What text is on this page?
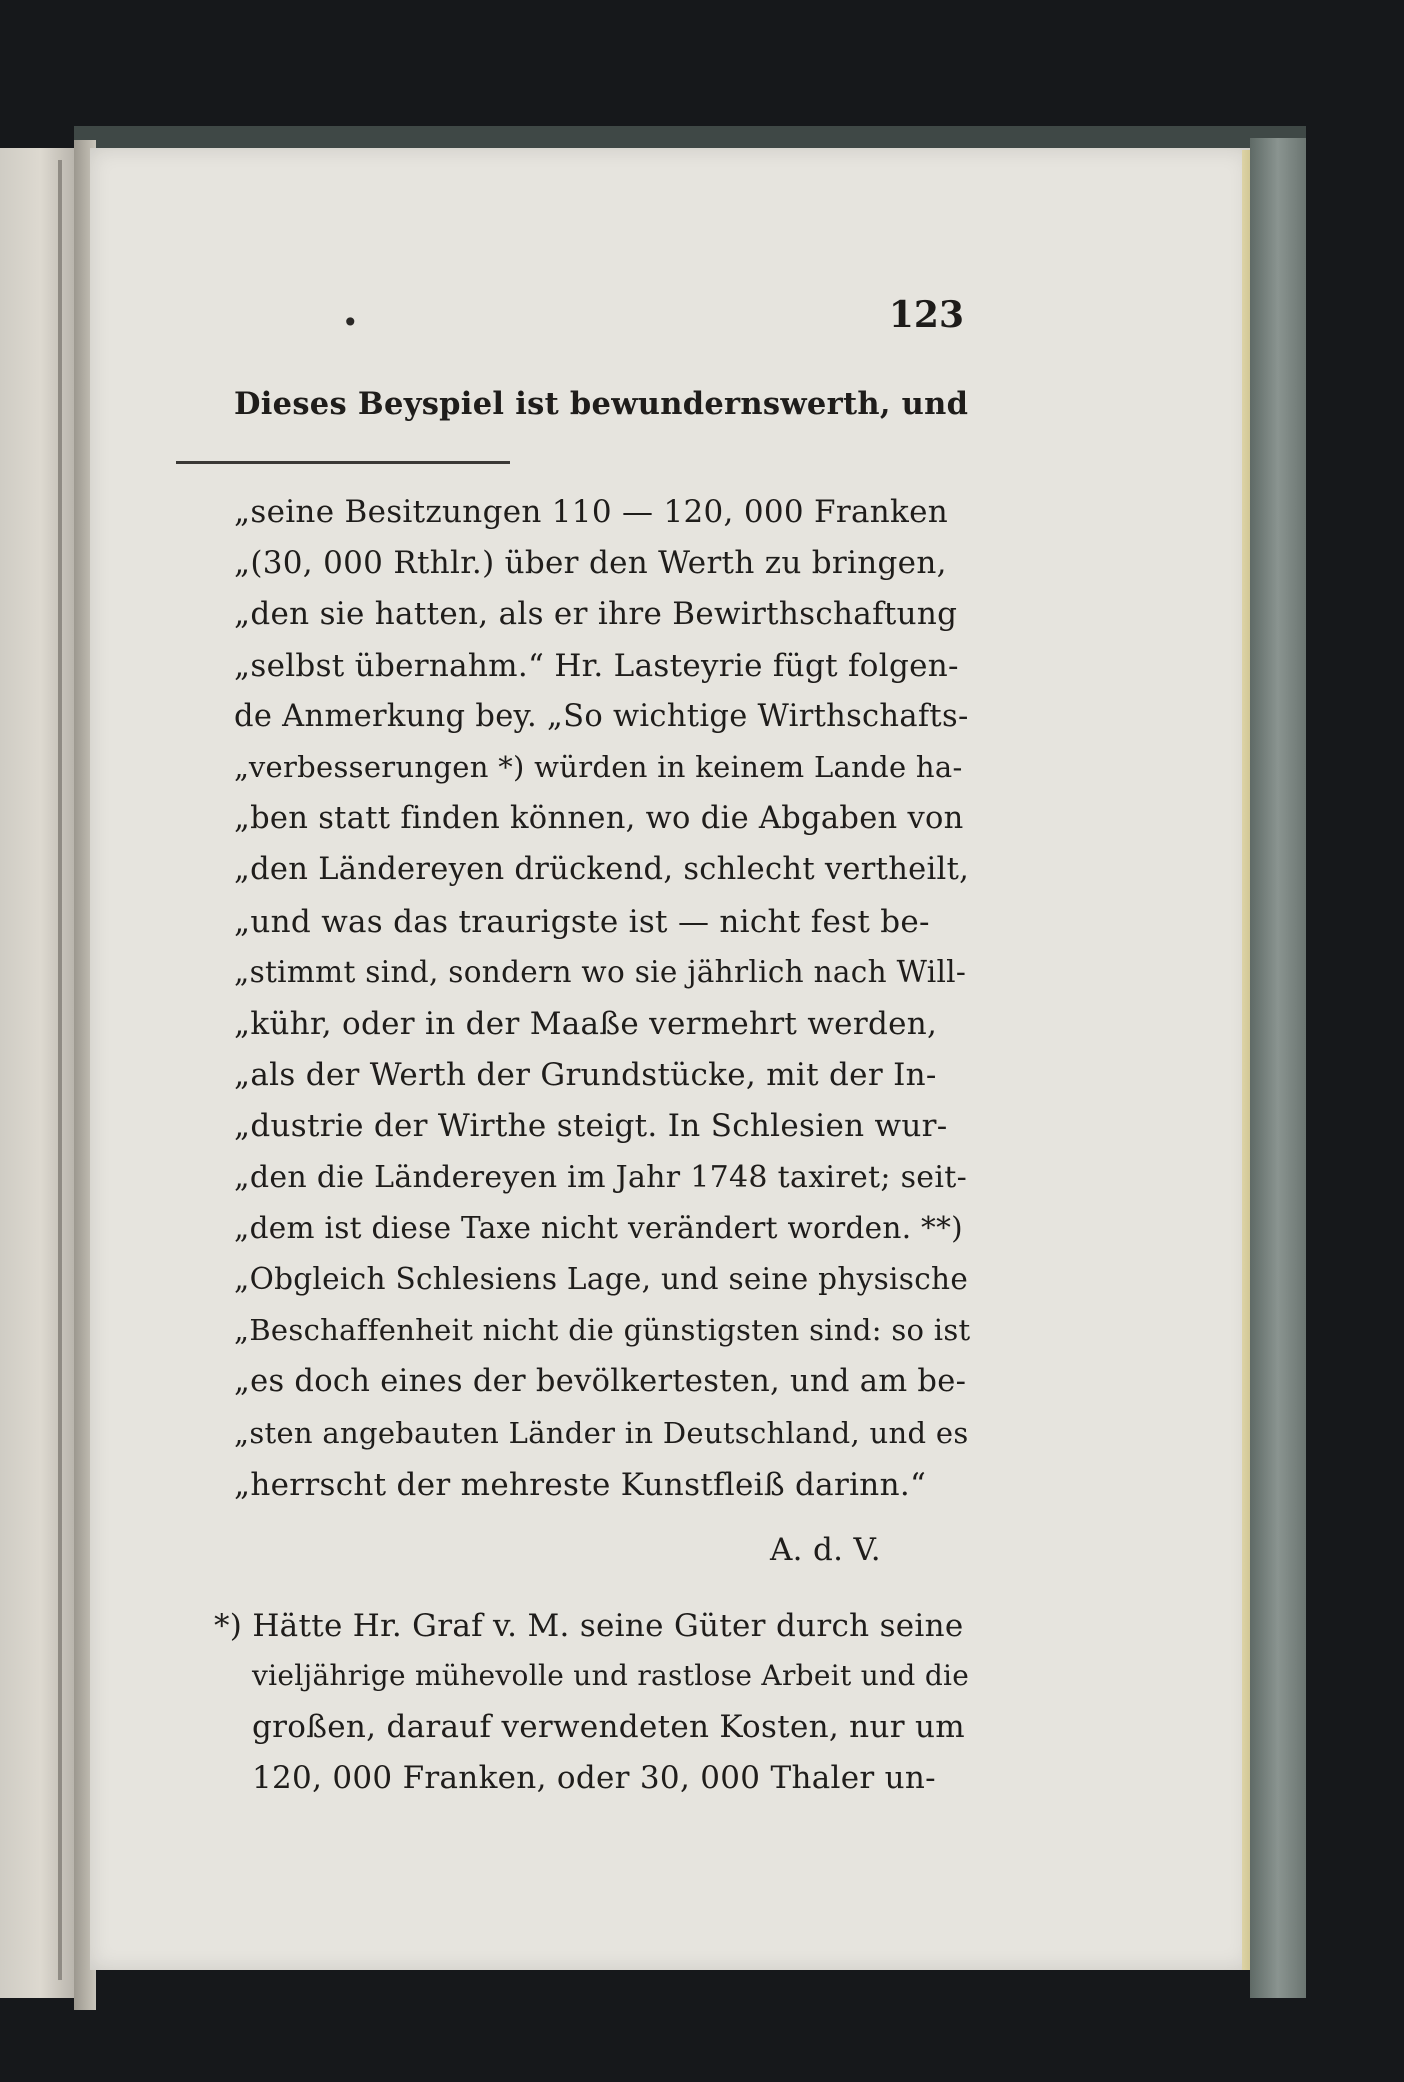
•	123
Dieses Beyspiel ist bewundernswerth, und
„seine Besitzungen 110 — 120, 000 Franken
„(30, 000 Rthlr.) über den Werth zu bringen,
„den sie hatten, als er ihre Bewirthschaftung
„selbst übernahm.“ Hr. Lasteyrie fügt folgen-
de Anmerkung bey. „So wichtige Wirthschafts-
„verbesserungen *) würden in keinem Lande ha-
„ben statt finden können, wo die Abgaben von
„den Ländereyen drückend, schlecht vertheilt,
„und was das traurigste ist — nicht fest be-
„stimmt sind, sondern wo sie jährlich nach Will-
„kühr, oder in der Maaße vermehrt werden,
„als der Werth der Grundstücke, mit der In-
„dustrie der Wirthe steigt. In Schlesien wur-
„den die Ländereyen im Jahr 1748 taxiret; seit-
„dem ist diese Taxe nicht verändert worden. **)
„Obgleich Schlesiens Lage, und seine physische
„Beschaffenheit nicht die günstigsten sind: so ist
„es doch eines der bevölkertesten, und am be-
„sten angebauten Länder in Deutschland, und es
„herrscht der mehreste Kunstfleiß darinn.“
A. d. V.
*) Hätte Hr. Graf v. M. seine Güter durch seine
vieljährige mühevolle und rastlose Arbeit und die
großen, darauf verwendeten Kosten, nur um
120, 000 Franken, oder 30, 000 Thaler un-
